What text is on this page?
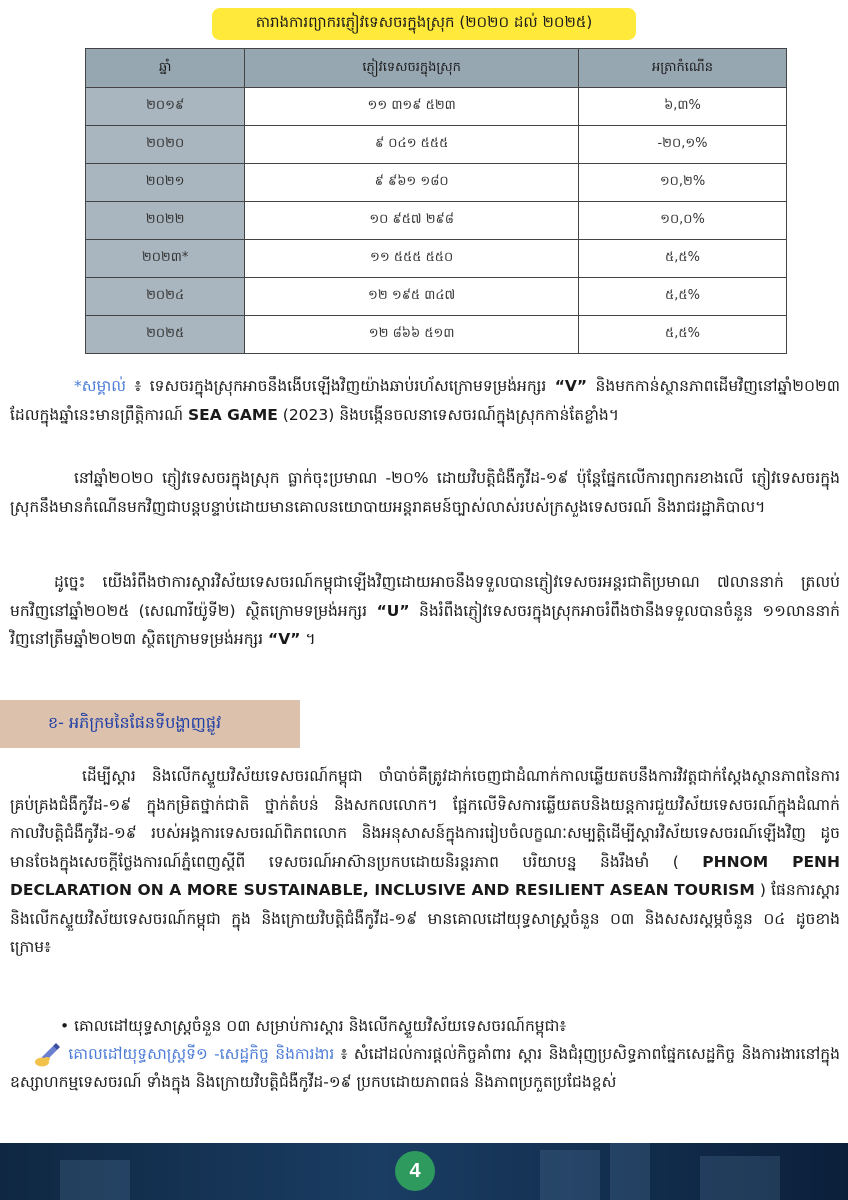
តារាងការព្យាករភ្ញៀវទេសចរក្នុងស្រុក (២០២០ ដល់ ២០២៥)
ឆ្នាំ	ភ្ញៀវទេសចរក្នុងស្រុក	អត្រាកំណើន
២០១៩	១១ ៣១៩ ៥២៣	៦,៣%
២០២០	៩ ០៤១ ៥៥៥	-២០,១%
២០២១	៩ ៩៦១ ១៨០	១០,២%
២០២២	១០ ៩៥៧ ២៩៨	១០,០%
២០២៣*	១១ ៥៥៥ ៥៥០	៥,៥%
២០២៤	១២ ១៩៥ ៣៤៧	៥,៥%
២០២៥	១២ ៨៦៦ ៥១៣	៥,៥%
*សម្គាល់ ៖ ទេសចរក្នុងស្រុកអាចនឹងងើបឡើងវិញយ៉ាងឆាប់រហ័សក្រោមទម្រង់អក្សរ “V” និងមកកាន់ស្ថានភាពដើមវិញនៅឆ្នាំ២០២៣ ដែលក្នុងឆ្នាំនេះមានព្រឹត្តិការណ៍ SEA GAME (2023) និងបង្កើនចលនាទេសចរណ៍ក្នុងស្រុកកាន់តែខ្លាំង។
នៅឆ្នាំ២០២០ ភ្ញៀវទេសចរក្នុងស្រុក ធ្លាក់ចុះប្រមាណ -២០% ដោយវិបត្តិជំងឺកូវីដ-១៩ ប៉ុន្តែផ្នែកលើការព្យាករខាងលើ ភ្ញៀវទេសចរក្នុងស្រុកនឹងមានកំណើនមកវិញជាបន្តបន្ទាប់ដោយមានគោលនយោបាយអន្តរាគមន៍ច្បាស់លាស់របស់ក្រសួងទេសចរណ៍ និងរាជរដ្ឋាភិបាល។
ដូច្នេះ យើងរំពឹងថាការស្តារវិស័យទេសចរណ៍កម្ពុជាឡើងវិញដោយអាចនឹងទទួលបានភ្ញៀវទេសចរអន្តរជាតិប្រមាណ ៧លាននាក់ ត្រលប់មកវិញនៅឆ្នាំ២០២៥ (សេណារីយ៉ូទី២) ស្ថិតក្រោមទម្រង់អក្សរ “U” និងរំពឹងភ្ញៀវទេសចរក្នុងស្រុកអាចរំពឹងថានឹងទទួលបានចំនួន ១១លាននាក់ វិញនៅត្រឹមឆ្នាំ២០២៣ ស្ថិតក្រោមទម្រង់អក្សរ “V” ។
ខ- អភិក្រមនៃផែនទីបង្ហាញផ្លូវ
ដើម្បីស្តារ និងលើកស្ទួយវិស័យទេសចរណ៍កម្ពុជា ចាំបាច់គឺត្រូវដាក់ចេញជាដំណាក់កាលឆ្លើយតបនឹងការវិវត្តជាក់ស្តែងស្ថានភាពនៃការគ្រប់គ្រងជំងឺកូវីដ-១៩ ក្នុងកម្រិតថ្នាក់ជាតិ ថ្នាក់តំបន់ និងសកលលោក។ ផ្អែកលើទិសការឆ្លើយតបនិងយន្តការជួយវិស័យទេសចរណ៍ក្នុងដំណាក់កាលវិបត្តិជំងឺកូវីដ-១៩ របស់អង្គការទេសចរណ៍ពិភពលោក និងអនុសាសន៍ក្នុងការរៀបចំលក្ខណៈសម្បត្តិដើម្បីស្តារវិស័យទេសចរណ៍ឡើងវិញ ដូចមានចែងក្នុងសេចក្តីថ្លែងការណ៍ភ្នំពេញស្តីពី ទេសចរណ៍អាស៊ានប្រកបដោយនិរន្តរភាព បរិយាបន្ន និងរឹងមាំ ( PHNOM PENH DECLARATION ON A MORE SUSTAINABLE, INCLUSIVE AND RESILIENT ASEAN TOURISM ) ផែនការស្តារ និងលើកស្ទួយវិស័យទេសចរណ៍កម្ពុជា ក្នុង និងក្រោយវិបត្តិជំងឺកូវីដ-១៩ មានគោលដៅយុទ្ធសាស្ត្រចំនួន ០៣ និងសសរស្តម្ភចំនួន ០៤ ដូចខាងក្រោម៖
• គោលដៅយុទ្ធសាស្ត្រចំនួន ០៣ សម្រាប់ការស្តារ និងលើកស្ទួយវិស័យទេសចរណ៍កម្ពុជា៖
គោលដៅយុទ្ធសាស្ត្រទី១ -សេដ្ឋកិច្ច និងការងារ ៖ សំដៅដល់ការផ្តល់កិច្ចគាំពារ ស្តារ និងជំរុញប្រសិទ្ធភាពផ្នែកសេដ្ឋកិច្ច និងការងារនៅក្នុងឧស្សាហកម្មទេសចរណ៍ ទាំងក្នុង និងក្រោយវិបត្តិជំងឺកូវីដ-១៩ ប្រកបដោយភាពធន់ និងភាពប្រកួតប្រជែងខ្ពស់
4
